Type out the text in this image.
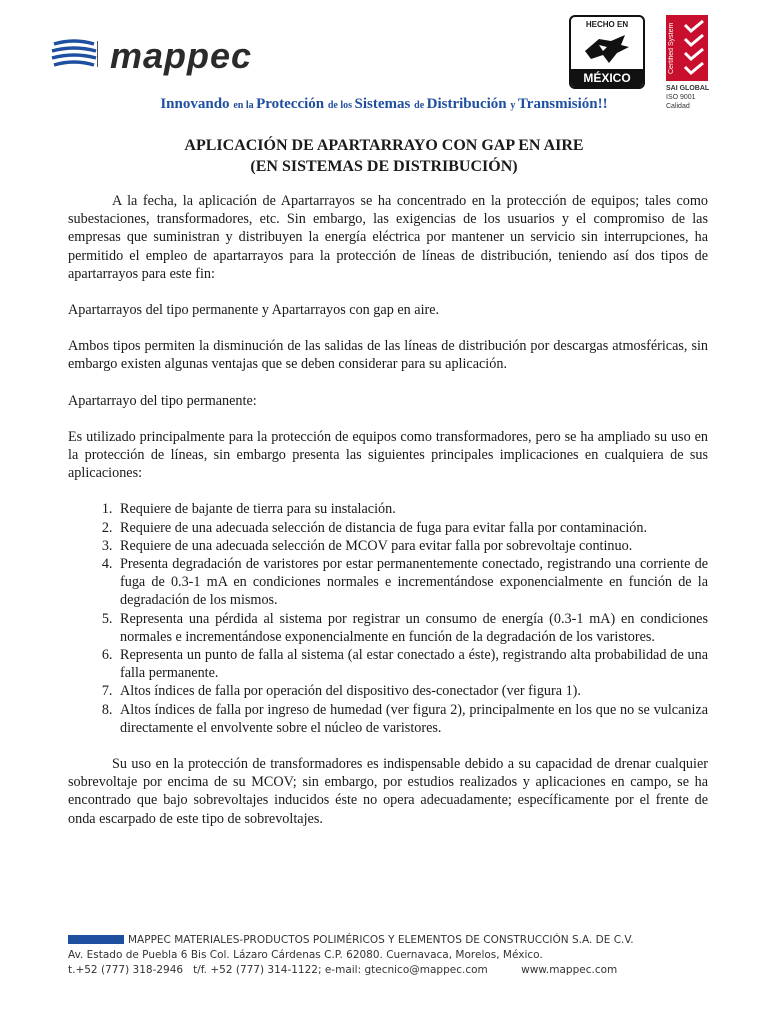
mappec
HECHO EN
MÉXICO
Certified System
SAI GLOBAL
ISO 9001
Calidad
Innovando en la Protección de los Sistemas de Distribución y Transmisión!!
APLICACIÓN DE APARTARRAYO CON GAP EN AIRE
(EN SISTEMAS DE DISTRIBUCIÓN)

A la fecha, la aplicación de Apartarrayos se ha concentrado en la protección de equipos; tales como subestaciones, transformadores, etc. Sin embargo, las exigencias de los usuarios y el compromiso de las empresas que suministran y distribuyen la energía eléctrica por mantener un servicio sin interrupciones, ha permitido el empleo de apartarrayos para la protección de líneas de distribución, teniendo así dos tipos de apartarrayos para este fin:

Apartarrayos del tipo permanente y Apartarrayos con gap en aire.

Ambos tipos permiten la disminución de las salidas de las líneas de distribución por descargas atmosféricas, sin embargo existen algunas ventajas que se deben considerar para su aplicación.

Apartarrayo del tipo permanente:

Es utilizado principalmente para la protección de equipos como transformadores, pero se ha ampliado su uso en la protección de líneas, sin embargo presenta las siguientes principales implicaciones en cualquiera de sus aplicaciones:

1. Requiere de bajante de tierra para su instalación.
2. Requiere de una adecuada selección de distancia de fuga para evitar falla por contaminación.
3. Requiere de una adecuada selección de MCOV para evitar falla por sobrevoltaje continuo.
4. Presenta degradación de varistores por estar permanentemente conectado, registrando una corriente de fuga de 0.3-1 mA en condiciones normales e incrementándose exponencialmente en función de la degradación de los mismos.
5. Representa una pérdida al sistema por registrar un consumo de energía (0.3-1 mA) en condiciones normales e incrementándose exponencialmente en función de la degradación de los varistores.
6. Representa un punto de falla al sistema (al estar conectado a éste), registrando alta probabilidad de una falla permanente.
7. Altos índices de falla por operación del dispositivo des-conectador (ver figura 1).
8. Altos índices de falla por ingreso de humedad (ver figura 2), principalmente en los que no se vulcaniza directamente el envolvente sobre el núcleo de varistores.

Su uso en la protección de transformadores es indispensable debido a su capacidad de drenar cualquier sobrevoltaje por encima de su MCOV; sin embargo, por estudios realizados y aplicaciones en campo, se ha encontrado que bajo sobrevoltajes inducidos éste no opera adecuadamente; específicamente por el frente de onda escarpado de este tipo de sobrevoltajes.

MAPPEC MATERIALES-PRODUCTOS POLIMÉRICOS Y ELEMENTOS DE CONSTRUCCIÓN S.A. DE C.V.
Av. Estado de Puebla 6 Bis Col. Lázaro Cárdenas C.P. 62080. Cuernavaca, Morelos, México.
t.+52 (777) 318-2946   t/f. +52 (777) 314-1122; e-mail: gtecnico@mappec.com          www.mappec.com
